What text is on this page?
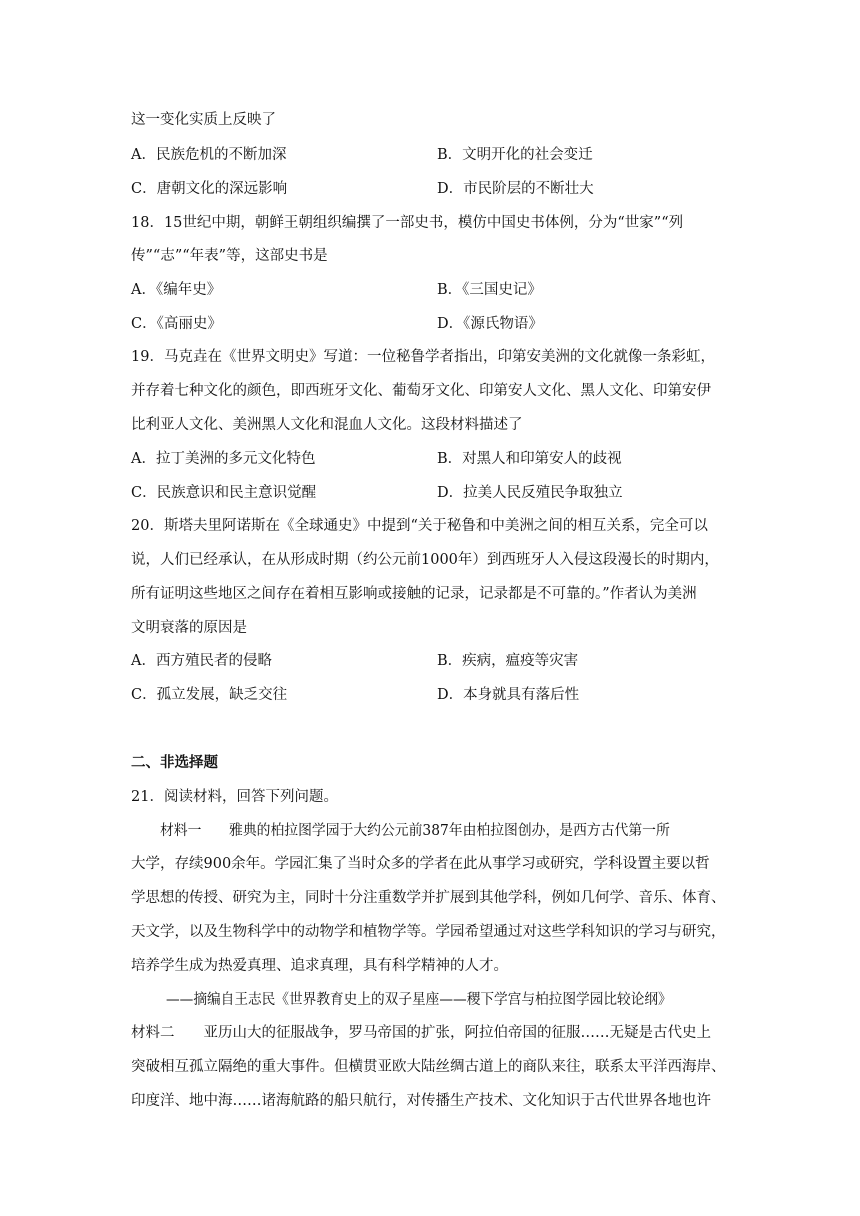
这一变化实质上反映了
A．民族危机的不断加深	B．文明开化的社会变迁
C．唐朝文化的深远影响	D．市民阶层的不断壮大
18．15世纪中期，朝鲜王朝组织编撰了一部史书，模仿中国史书体例，分为“世家”“列
传”“志”“年表”等，这部史书是
A．《编年史》	B．《三国史记》
C．《高丽史》	D．《源氏物语》
19．马克垚在《世界文明史》写道：一位秘鲁学者指出，印第安美洲的文化就像一条彩虹，
并存着七种文化的颜色，即西班牙文化、葡萄牙文化、印第安人文化、黑人文化、印第安伊
比利亚人文化、美洲黑人文化和混血人文化。这段材料描述了
A．拉丁美洲的多元文化特色	B．对黑人和印第安人的歧视
C．民族意识和民主意识觉醒	D．拉美人民反殖民争取独立
20．斯塔夫里阿诺斯在《全球通史》中提到“关于秘鲁和中美洲之间的相互关系，完全可以
说，人们已经承认，在从形成时期（约公元前1000年）到西班牙人入侵这段漫长的时期内，
所有证明这些地区之间存在着相互影响或接触的记录，记录都是不可靠的。”作者认为美洲
文明衰落的原因是
A．西方殖民者的侵略	B．疾病，瘟疫等灾害
C．孤立发展，缺乏交往	D．本身就具有落后性
二、非选择题
21．阅读材料，回答下列问题。
材料一　　雅典的柏拉图学园于大约公元前387年由柏拉图创办，是西方古代第一所
大学，存续900余年。学园汇集了当时众多的学者在此从事学习或研究，学科设置主要以哲
学思想的传授、研究为主，同时十分注重数学并扩展到其他学科，例如几何学、音乐、体育、
天文学，以及生物科学中的动物学和植物学等。学园希望通过对这些学科知识的学习与研究，
培养学生成为热爱真理、追求真理，具有科学精神的人才。
——摘编自王志民《世界教育史上的双子星座——稷下学宫与柏拉图学园比较论纲》
材料二　　亚历山大的征服战争，罗马帝国的扩张，阿拉伯帝国的征服……无疑是古代史上
突破相互孤立隔绝的重大事件。但横贯亚欧大陆丝绸古道上的商队来往，联系太平洋西海岸、
印度洋、地中海……诸海航路的船只航行，对传播生产技术、文化知识于古代世界各地也许
